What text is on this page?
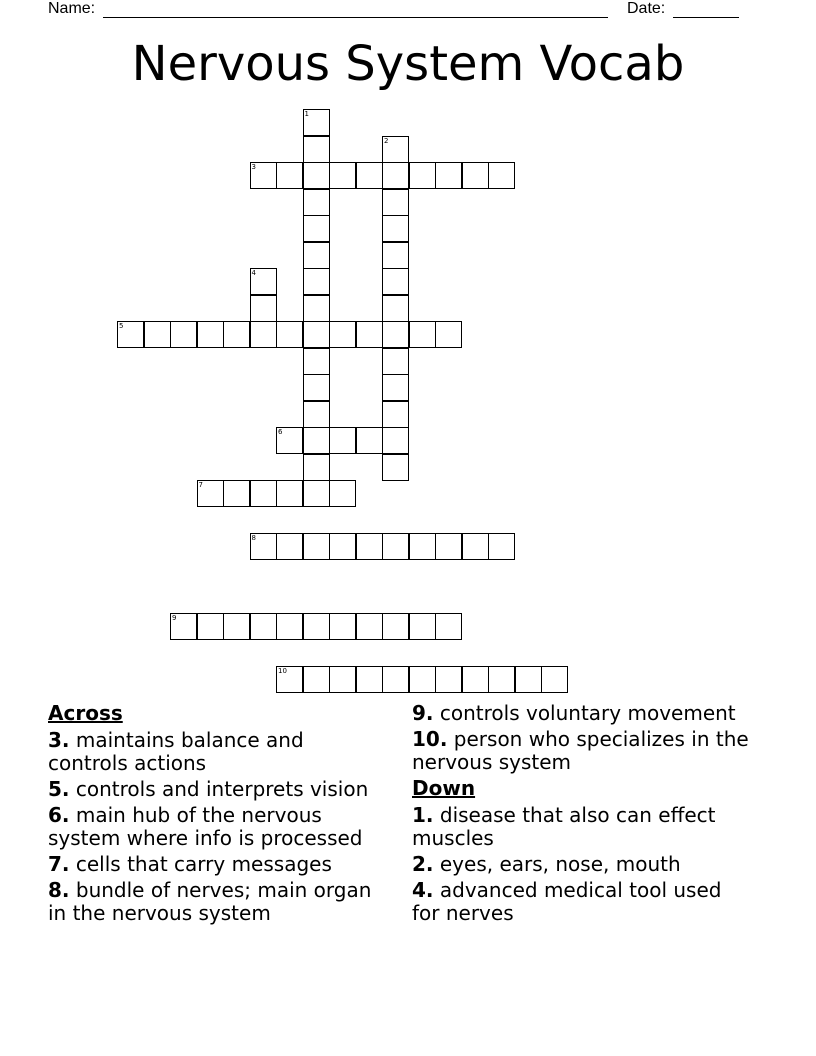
Name:	Date:
Nervous System Vocab
1
2
3
4
5
6
7
8
9
10
Across
3. maintains balance and controls actions
5. controls and interprets vision
6. main hub of the nervous system where info is processed
7. cells that carry messages
8. bundle of nerves; main organ in the nervous system
9. controls voluntary movement
10. person who specializes in the nervous system
Down
1. disease that also can effect muscles
2. eyes, ears, nose, mouth
4. advanced medical tool used for nerves
